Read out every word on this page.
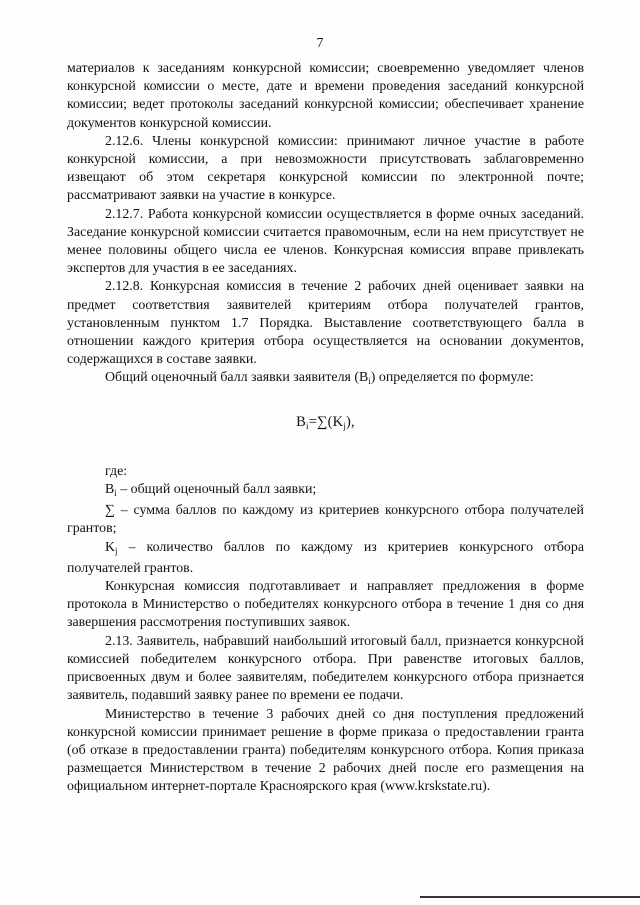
7

материалов к заседаниям конкурсной комиссии; своевременно уведомляет членов конкурсной комиссии о месте, дате и времени проведения заседаний конкурсной комиссии; ведет протоколы заседаний конкурсной комиссии; обеспечивает хранение документов конкурсной комиссии.

2.12.6. Члены конкурсной комиссии: принимают личное участие в работе конкурсной комиссии, а при невозможности присутствовать заблаговременно извещают об этом секретаря конкурсной комиссии по электронной почте; рассматривают заявки на участие в конкурсе.

2.12.7. Работа конкурсной комиссии осуществляется в форме очных заседаний. Заседание конкурсной комиссии считается правомочным, если на нем присутствует не менее половины общего числа ее членов. Конкурсная комиссия вправе привлекать экспертов для участия в ее заседаниях.

2.12.8. Конкурсная комиссия в течение 2 рабочих дней оценивает заявки на предмет соответствия заявителей критериям отбора получателей грантов, установленным пунктом 1.7 Порядка. Выставление соответствующего балла в отношении каждого критерия отбора осуществляется на основании документов, содержащихся в составе заявки.

Общий оценочный балл заявки заявителя $(B_i)$ определяется по формуле:

$B_i=\sum(K_j)$,

где:

$B_i$ – общий оценочный балл заявки;

∑ – сумма баллов по каждому из критериев конкурсного отбора получателей грантов;

$K_j$ – количество баллов по каждому из критериев конкурсного отбора получателей грантов.

Конкурсная комиссия подготавливает и направляет предложения в форме протокола в Министерство о победителях конкурсного отбора в течение 1 дня со дня завершения рассмотрения поступивших заявок.

2.13. Заявитель, набравший наибольший итоговый балл, признается конкурсной комиссией победителем конкурсного отбора. При равенстве итоговых баллов, присвоенных двум и более заявителям, победителем конкурсного отбора признается заявитель, подавший заявку ранее по времени ее подачи.

Министерство в течение 3 рабочих дней со дня поступления предложений конкурсной комиссии принимает решение в форме приказа о предоставлении гранта (об отказе в предоставлении гранта) победителям конкурсного отбора. Копия приказа размещается Министерством в течение 2 рабочих дней после его размещения на официальном интернет-портале Красноярского края (www.krskstate.ru).
